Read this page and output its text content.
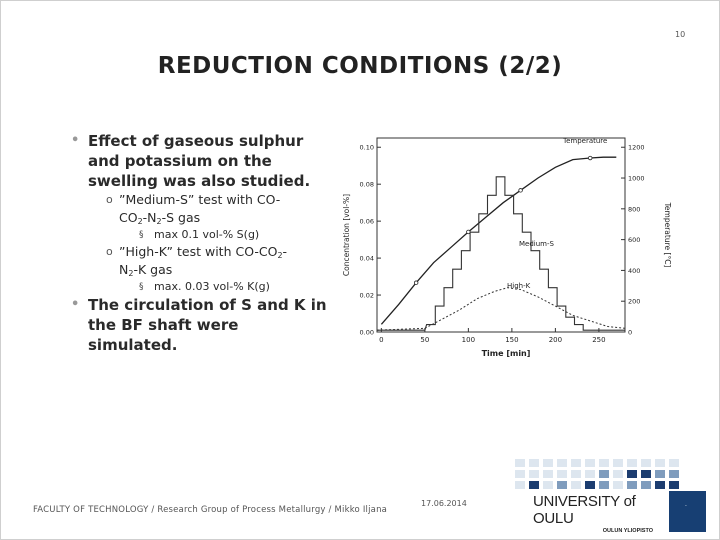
10
REDUCTION CONDITIONS (2/2)
• Effect of gaseous sulphur
and potassium on the
swelling was also studied.
o ”Medium-S” test with CO-
$CO_2-N_2-S$ gas
§ max 0.1 vol-% S(g)
o ”High-K” test with $CO-CO_2-$
$N_2-K$ gas
§ max. 0.03 vol-% K(g)
• The circulation of S and K in
the BF shaft were simulated.	0	50	100	150	200	250
0.00
0.02
0.04
0.06
0.08
0.10
0
200
400
600
800
1000
1200
Time [min]
Concentration [vol-%]	Temperature [°C]
Temperature
Medium-S
High-K
FACULTY OF TECHNOLOGY / Research Group of Process Metallurgy / Mikko Iljana
17.06.2014	UNIVERSITY of OULU
OULUN YLIOPISTO
·
